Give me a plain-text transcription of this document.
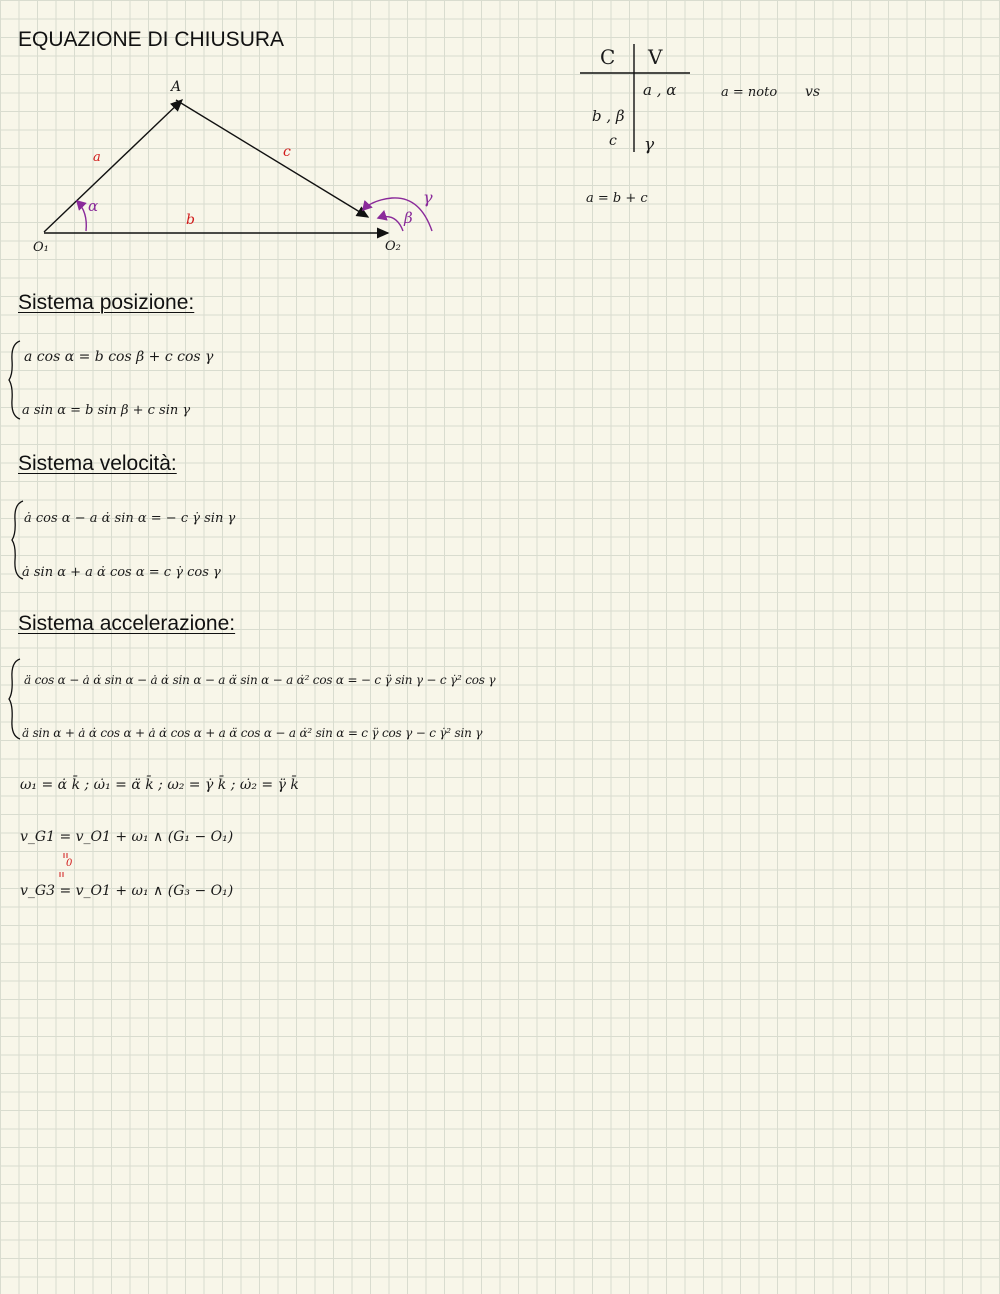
EQUAZIONE DI CHIUSURA
A
O₁	O₂
a
b
c
α
β
γ
C V
a , α
b , β
c γ
a = noto vs
a = b + c
Sistema posizione:
a cos α = b cos β + c cos γ
a sin α = b sin β + c sin γ
Sistema velocità:
ȧ cos α − a α̇ sin α = − c γ̇ sin γ
ȧ sin α + a α̇ cos α = c γ̇ cos γ
Sistema accelerazione:
ä cos α − ȧ α̇ sin α − ȧ α̇ sin α − a α̈ sin α − a α̇² cos α = − c γ̈ sin γ − c γ̇² cos γ
ä sin α + ȧ α̇ cos α + ȧ α̇ cos α + a α̈ cos α − a α̇² sin α = c γ̈ cos γ − c γ̇² sin γ
ω₁ = α̇ k̄ ; ω̇₁ = α̈ k̄ ; ω₂ = γ̇ k̄ ; ω̇₂ = γ̈ k̄
v_G1 = v_O1 + ω₁ ∧ (G₁ − O₁)
0
v_G3 = v_O1 + ω₁ ∧ (G₃ − O₁)
